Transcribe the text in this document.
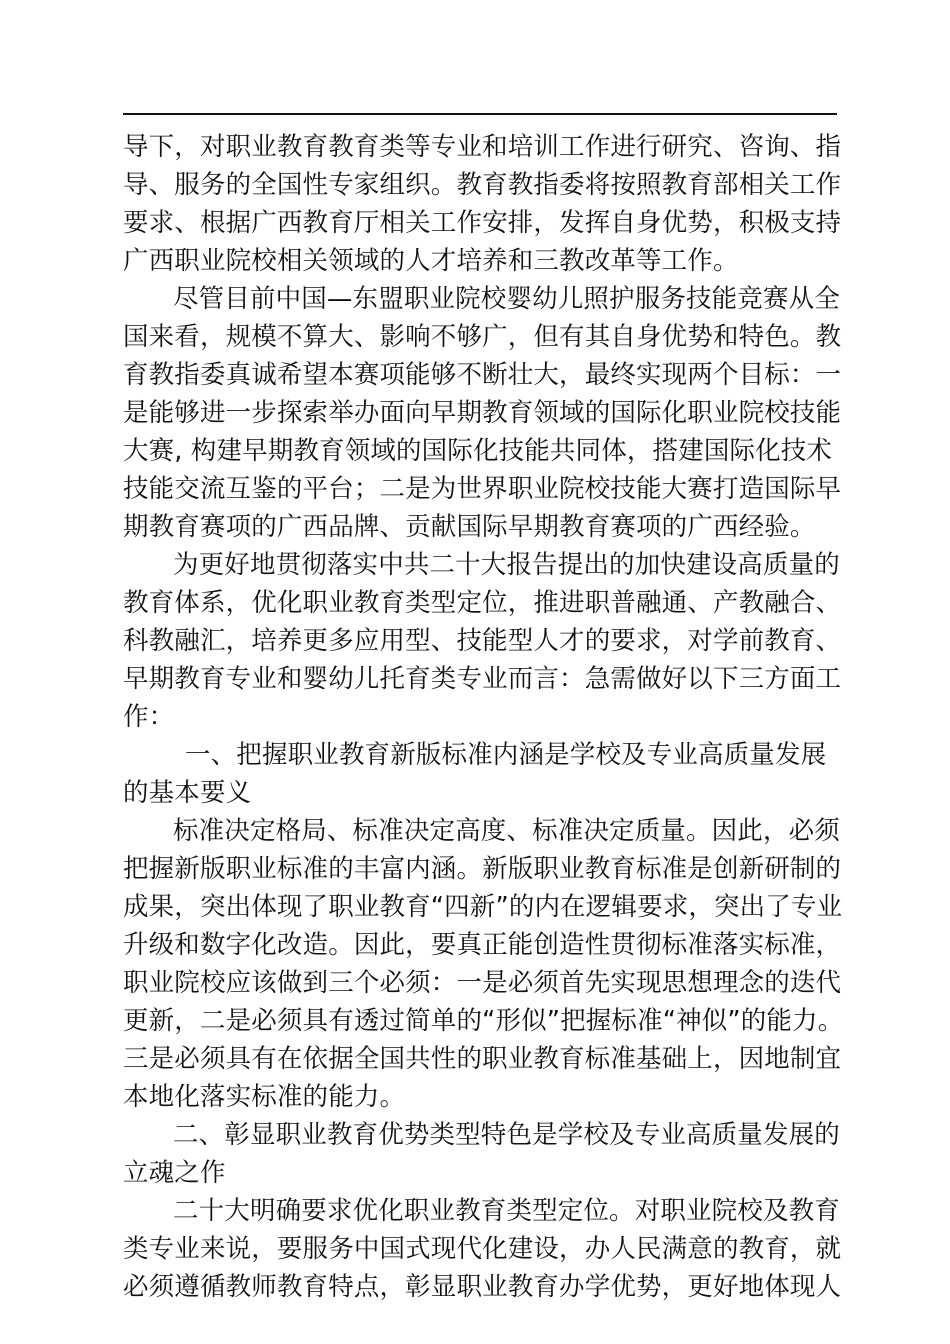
导下，对职业教育教育类等专业和培训工作进行研究、咨询、指
导、服务的全国性专家组织。教育教指委将按照教育部相关工作
要求、根据广西教育厅相关工作安排，发挥自身优势，积极支持
广西职业院校相关领域的人才培养和三教改革等工作。
尽管目前中国—东盟职业院校婴幼儿照护服务技能竞赛从全
国来看，规模不算大、影响不够广，但有其自身优势和特色。教
育教指委真诚希望本赛项能够不断壮大，最终实现两个目标：一
是能够进一步探索举办面向早期教育领域的国际化职业院校技能
大赛, 构建早期教育领域的国际化技能共同体，搭建国际化技术
技能交流互鉴的平台；二是为世界职业院校技能大赛打造国际早
期教育赛项的广西品牌、贡献国际早期教育赛项的广西经验。
为更好地贯彻落实中共二十大报告提出的加快建设高质量的
教育体系，优化职业教育类型定位，推进职普融通、产教融合、
科教融汇，培养更多应用型、技能型人才的要求，对学前教育、
早期教育专业和婴幼儿托育类专业而言：急需做好以下三方面工
作：
一、把握职业教育新版标准内涵是学校及专业高质量发展
的基本要义
标准决定格局、标准决定高度、标准决定质量。因此，必须
把握新版职业标准的丰富内涵。新版职业教育标准是创新研制的
成果，突出体现了职业教育“四新”的内在逻辑要求，突出了专业
升级和数字化改造。因此，要真正能创造性贯彻标准落实标准，
职业院校应该做到三个必须：一是必须首先实现思想理念的迭代
更新，二是必须具有透过简单的“形似”把握标准“神似”的能力。
三是必须具有在依据全国共性的职业教育标准基础上，因地制宜
本地化落实标准的能力。
二、彰显职业教育优势类型特色是学校及专业高质量发展的
立魂之作
二十大明确要求优化职业教育类型定位。对职业院校及教育
类专业来说，要服务中国式现代化建设，办人民满意的教育，就
必须遵循教师教育特点，彰显职业教育办学优势，更好地体现人
